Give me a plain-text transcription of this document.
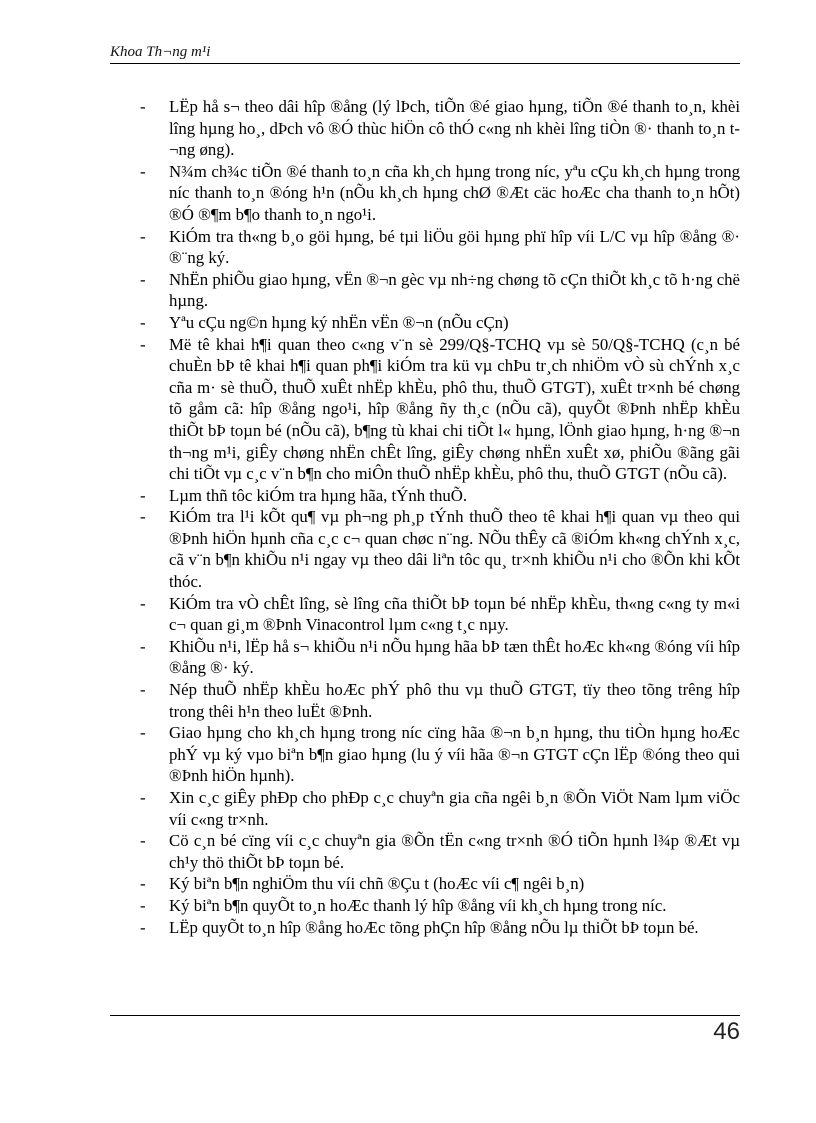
Khoa Th¬ng m¹i
- LËp hå s¬ theo dâi hîp ®ång (lý lÞch, tiÕn ®é giao hµng, tiÕn ®é thanh to¸n, khèi lîng hµng ho¸, dÞch vô ®Ó thùc hiÖn cô thÓ c«ng nh khèi lîng tiÒn ®· thanh to¸n t¬ng øng).
- N¾m ch¾c tiÕn ®é thanh to¸n cña kh¸ch hµng trong níc, yªu cÇu kh¸ch hµng trong níc thanh to¸n ®óng h¹n (nÕu kh¸ch hµng chØ ®Æt cäc hoÆc cha thanh to¸n hÕt) ®Ó ®¶m b¶o thanh to¸n ngo¹i.
- KiÓm tra th«ng b¸o göi hµng, bé tµi liÖu göi hµng phï hîp víi L/C vµ hîp ®ång ®· ®¨ng ký.
- NhËn phiÕu giao hµng, vËn ®¬n gèc vµ nh÷ng chøng tõ cÇn thiÕt kh¸c tõ h·ng chë hµng.
- Yªu cÇu ng©n hµng ký nhËn vËn ®¬n (nÕu cÇn)
- Më tê khai h¶i quan theo c«ng v¨n sè 299/Q§-TCHQ vµ sè 50/Q§-TCHQ (c¸n bé chuÈn bÞ tê khai h¶i quan ph¶i kiÓm tra kü vµ chÞu tr¸ch nhiÖm vÒ sù chÝnh x¸c cña m· sè thuÕ, thuÕ xuÊt nhËp khÈu, phô thu, thuÕ GTGT), xuÊt tr×nh bé chøng tõ gåm cã: hîp ®ång ngo¹i, hîp ®ång ñy th¸c (nÕu cã), quyÕt ®Þnh nhËp khÈu thiÕt bÞ toµn bé (nÕu cã), b¶ng tù khai chi tiÕt l« hµng, lÖnh giao hµng, h·ng ®¬n th¬ng m¹i, giÊy chøng nhËn chÊt lîng, giÊy chøng nhËn xuÊt xø, phiÕu ®ãng gãi chi tiÕt vµ c¸c v¨n b¶n cho miÔn thuÕ nhËp khÈu, phô thu, thuÕ GTGT (nÕu cã).
- Lµm thñ tôc kiÓm tra hµng hãa, tÝnh thuÕ.
- KiÓm tra l¹i kÕt qu¶ vµ ph¬ng ph¸p tÝnh thuÕ theo tê khai h¶i quan vµ theo qui ®Þnh hiÖn hµnh cña c¸c c¬ quan chøc n¨ng. NÕu thÊy cã ®iÓm kh«ng chÝnh x¸c, cã v¨n b¶n khiÕu n¹i ngay vµ theo dâi liªn tôc qu¸ tr×nh khiÕu n¹i cho ®Õn khi kÕt thóc.
- KiÓm tra vÒ chÊt lîng, sè lîng cña thiÕt bÞ toµn bé nhËp khÈu, th«ng c«ng ty m«i c¬ quan gi¸m ®Þnh Vinacontrol lµm c«ng t¸c nµy.
- KhiÕu n¹i, lËp hå s¬ khiÕu n¹i nÕu hµng hãa bÞ tæn thÊt hoÆc kh«ng ®óng víi hîp ®ång ®· ký.
- Nép thuÕ nhËp khÈu hoÆc phÝ phô thu vµ thuÕ GTGT, tïy theo tõng trêng hîp trong thêi h¹n theo luËt ®Þnh.
- Giao hµng cho kh¸ch hµng trong níc cïng hãa ®¬n b¸n hµng, thu tiÒn hµng hoÆc phÝ vµ ký vµo biªn b¶n giao hµng (lu ý víi hãa ®¬n GTGT cÇn lËp ®óng theo qui ®Þnh hiÖn hµnh).
- Xin c¸c giÊy phÐp cho phÐp c¸c chuyªn gia cña ngêi b¸n ®Õn ViÖt Nam lµm viÖc víi c«ng tr×nh.
- Cö c¸n bé cïng víi c¸c chuyªn gia ®Õn tËn c«ng tr×nh ®Ó tiÕn hµnh l¾p ®Æt vµ ch¹y thö thiÕt bÞ toµn bé.
- Ký biªn b¶n nghiÖm thu víi chñ ®Çu t (hoÆc víi c¶ ngêi b¸n)
- Ký biªn b¶n quyÕt to¸n hoÆc thanh lý hîp ®ång víi kh¸ch hµng trong níc.
- LËp quyÕt to¸n hîp ®ång hoÆc tõng phÇn hîp ®ång nÕu lµ thiÕt bÞ toµn bé.
46
